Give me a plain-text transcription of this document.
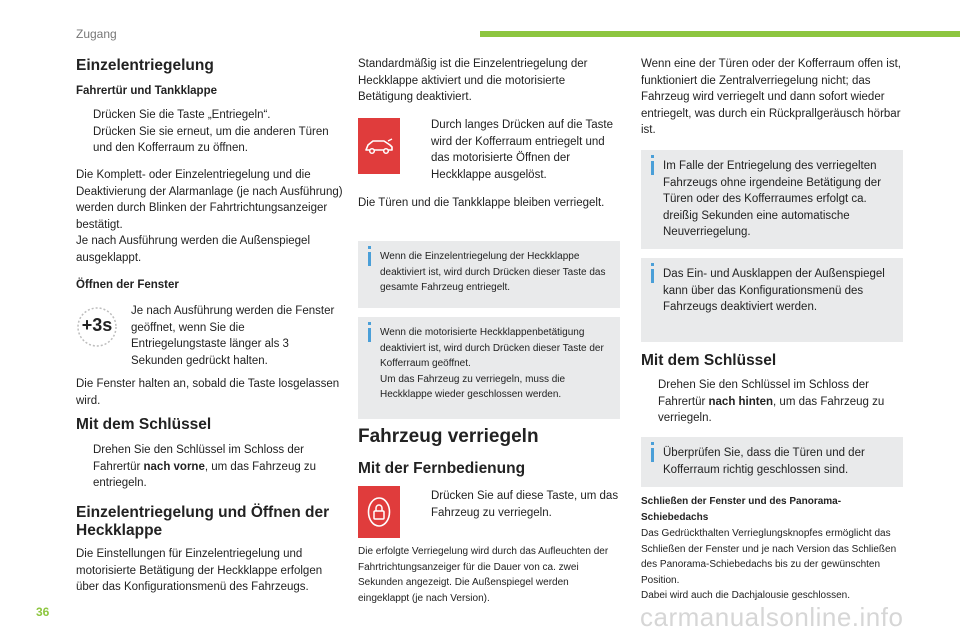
Zugang
Einzelentriegelung
Fahrertür und Tankklappe
Drücken Sie die Taste „Entriegeln“.
Drücken Sie sie erneut, um die anderen Türen und den Kofferraum zu öffnen.

Die Komplett- oder Einzelentriegelung und die Deaktivierung der Alarmanlage (je nach Ausführung) werden durch Blinken der Fahrtrichtungsanzeiger bestätigt.

Je nach Ausführung werden die Außenspiegel ausgeklappt.

Öffnen der Fenster
+3s
Je nach Ausführung werden die Fenster geöffnet, wenn Sie die Entriegelungstaste länger als 3 Sekunden gedrückt halten.
Die Fenster halten an, sobald die Taste losgelassen wird.
Mit dem Schlüssel
Drehen Sie den Schlüssel im Schloss der Fahrertür nach vorne, um das Fahrzeug zu entriegeln.
Einzelentriegelung und Öffnen der Heckklappe
Die Einstellungen für Einzelentriegelung und motorisierte Betätigung der Heckklappe erfolgen über das Konfigurationsmenü des Fahrzeugs.
Standardmäßig ist die Einzelentriegelung der Heckklappe aktiviert und die motorisierte Betätigung deaktiviert.
Durch langes Drücken auf die Taste wird der Kofferraum entriegelt und das motorisierte Öffnen der Heckklappe ausgelöst.
Die Türen und die Tankklappe bleiben verriegelt.
Wenn die Einzelentriegelung der Heckklappe deaktiviert ist, wird durch Drücken dieser Taste das gesamte Fahrzeug entriegelt.
Wenn die motorisierte Heckklappenbetätigung deaktiviert ist, wird durch Drücken dieser Taste der Kofferraum geöffnet.
Um das Fahrzeug zu verriegeln, muss die Heckklappe wieder geschlossen werden.
Fahrzeug verriegeln
Mit der Fernbedienung
Drücken Sie auf diese Taste, um das Fahrzeug zu verriegeln.
Die erfolgte Verriegelung wird durch das Aufleuchten der Fahrtrichtungsanzeiger für die Dauer von ca. zwei Sekunden angezeigt. Die Außenspiegel werden eingeklappt (je nach Version).
Wenn eine der Türen oder der Kofferraum offen ist, funktioniert die Zentralverriegelung nicht; das Fahrzeug wird verriegelt und dann sofort wieder entriegelt, was durch ein Rückprallgeräusch hörbar ist.
Im Falle der Entriegelung des verriegelten Fahrzeugs ohne irgendeine Betätigung der Türen oder des Kofferraumes erfolgt ca. dreißig Sekunden eine automatische Neuverriegelung.
Das Ein- und Ausklappen der Außenspiegel kann über das Konfigurationsmenü des Fahrzeugs deaktiviert werden.
Mit dem Schlüssel
Drehen Sie den Schlüssel im Schloss der Fahrertür nach hinten, um das Fahrzeug zu verriegeln.
Überprüfen Sie, dass die Türen und der Kofferraum richtig geschlossen sind.
Schließen der Fenster und des Panorama-Schiebedachs
Das Gedrückthalten Verrieglungsknopfes ermöglicht das Schließen der Fenster und je nach Version das Schließen des Panorama-Schiebedachs bis zu der gewünschten Position.
Dabei wird auch die Dachjalousie geschlossen.
36	carmanualsonline.info
